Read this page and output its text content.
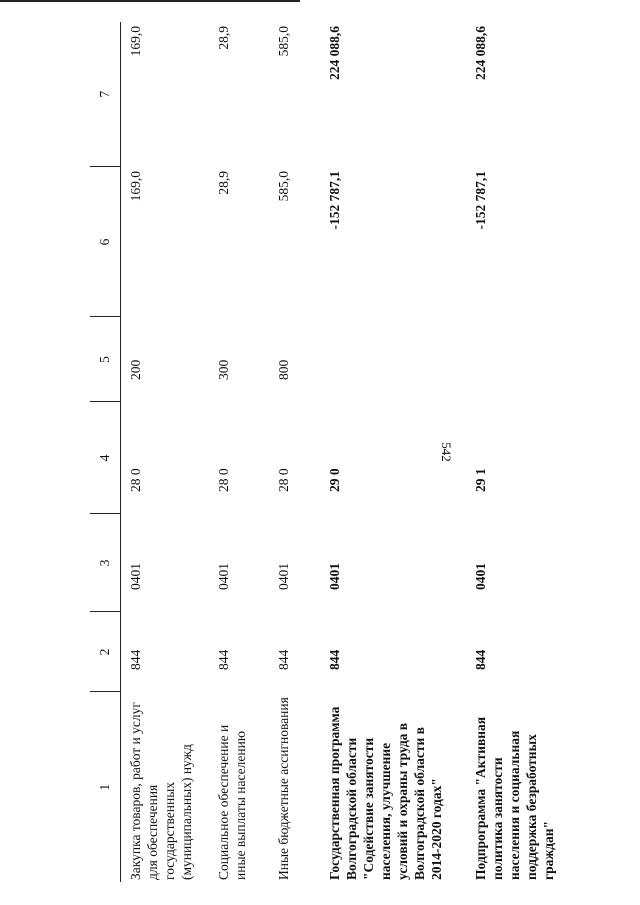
542
1	2	3	4	5	6	7
Закупка товаров, работ и услуг для обеспечения государственных (муниципальных) нужд	844	0401	28 0	200	169,0	169,0
Социальное обеспечение и иные выплаты населению	844	0401	28 0	300	28,9	28,9
Иные бюджетные ассигнования	844	0401	28 0	800	585,0	585,0
Государственная программа Волгоградской области "Содействие занятости населения, улучшение условий и охраны труда в Волгоградской области в 2014-2020 годах"	844	0401	29 0		-152 787,1	224 088,6
Подпрограмма "Активная политика занятости населения и социальная поддержка безработных граждан"	844	0401	29 1		-152 787,1	224 088,6
